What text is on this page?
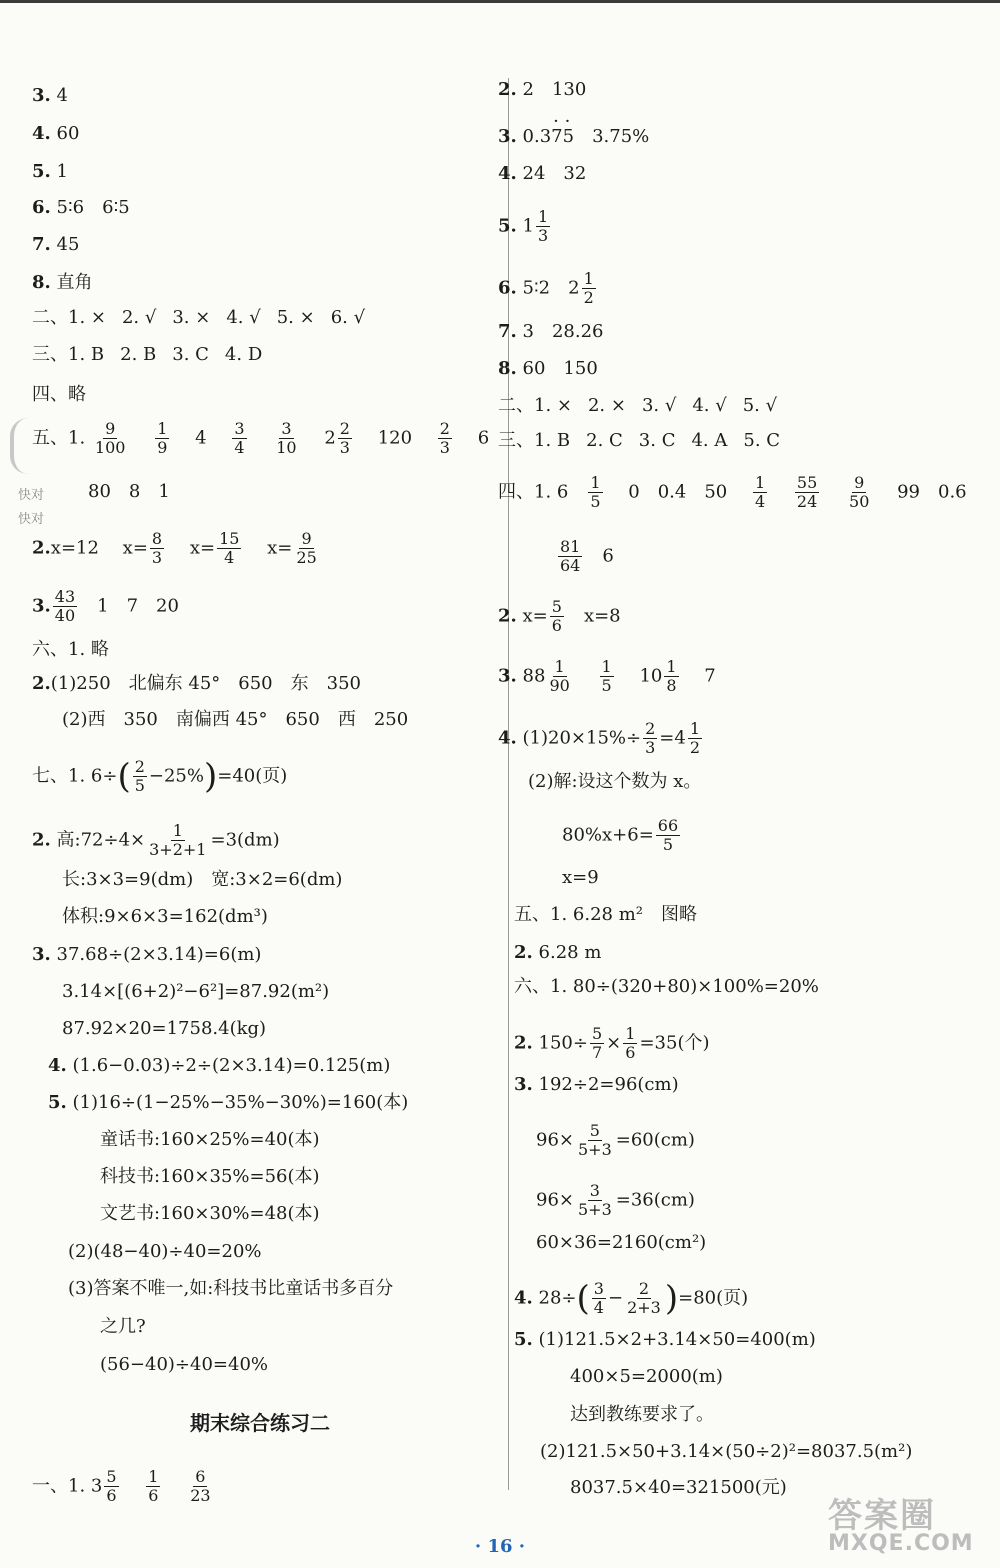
3. 4
4. 60
5. 1
6. 5∶6　6∶5
7. 45
8. 直角
二、1. × 2. √ 3. × 4. √ 5. × 6. √
三、1. B 2. B 3. C 4. D
四、略
五、1. $\frac{9}{100}$
　 $\frac{1}{9}$
　 4　 $\frac{3}{4}$
　 $\frac{3}{10}$
　 $2 \frac{2}{3}$
　 120　 $\frac{2}{3}$
　 6
80　8　1
2.x=12　 $x= \frac{8}{3}$
　 $x= \frac{15}{4}$
　 $x= \frac{9}{25}$
3. $\frac{43}{40}$
　 1　7　20
六、1. 略
2.(1)250　北偏东 45°　650　东　350
(2)西　350　南偏西 45°　650　西　250
七、1. $6\div( \frac{2}{5} -25\%)=40$(页)
2. 高:72÷4× $\frac{1}{3+2+1} =3(dm)$
长:3×3=9(dm)　宽:3×2=6(dm)
体积:9×6×3=162(dm³)
3. 37.68÷(2×3.14)=6(m)
3.14×[(6+2)²−6²]=87.92(m²)
87.92×20=1758.4(kg)
4. (1.6−0.03)÷2÷(2×3.14)=0.125(m)
5. (1)16÷(1−25%−35%−30%)=160(本)
童话书:160×25%=40(本)
科技书:160×35%=56(本)
文艺书:160×30%=48(本)
(2)(48−40)÷40=20%
(3)答案不唯一,如:科技书比童话书多百分
之几?
(56−40)÷40=40%
一、1. $3 \frac{5}{6}$
　 $\frac{1}{6}$
　 $\frac{6}{23}$
期末综合练习二
2. 2　130
3. 0.3· 7· 5　 3.75%
4. 24　32
5. $1 \frac{1}{3}$
6. 5∶2　$2 \frac{1}{2}$
7. 3　28.26
8. 60　150
二、1. × 2. × 3. √ 4. √ 5. √
三、1. B 2. C 3. C 4. A 5. C
四、1. 6　 $\frac{1}{5}$
　 0　0.4　50　 $\frac{1}{4}$
　 $\frac{55}{24}$
　 $\frac{9}{50}$
　 99　0.6
$\frac{81}{64}$
　 6
2. $x= \frac{5}{6}$
　 x=8
3. $88 \frac{1}{90}$
　 $\frac{1}{5}$
　 $10 \frac{1}{8}$
　 7
4. $(1)20\times 15\%\div \frac{2}{3} =4 \frac{1}{2}$
(2)解:设这个数为 x。
$80\%x+6= \frac{66}{5}$
x=9
五、1. 6.28 m²　图略
2. 6.28 m
六、1. 80÷(320+80)×100%=20%
2. $150\div \frac{5}{7} \times \frac{1}{6} =35$(个)
3. 192÷2=96(cm)
$96\times \frac{5}{5+3} =60(cm)$
$96\times \frac{3}{5+3} =36(cm)$
60×36=2160(cm²)
4. $28\div( \frac{3}{4} - \frac{2}{2+3} )=80$(页)
5. (1)121.5×2+3.14×50=400(m)
400×5=2000(m)
达到教练要求了。
(2)121.5×50+3.14×(50÷2)²=8037.5(m²)
8037.5×40=321500(元)
快对
快对
答案圈
MXQE.COM
· 16 ·
